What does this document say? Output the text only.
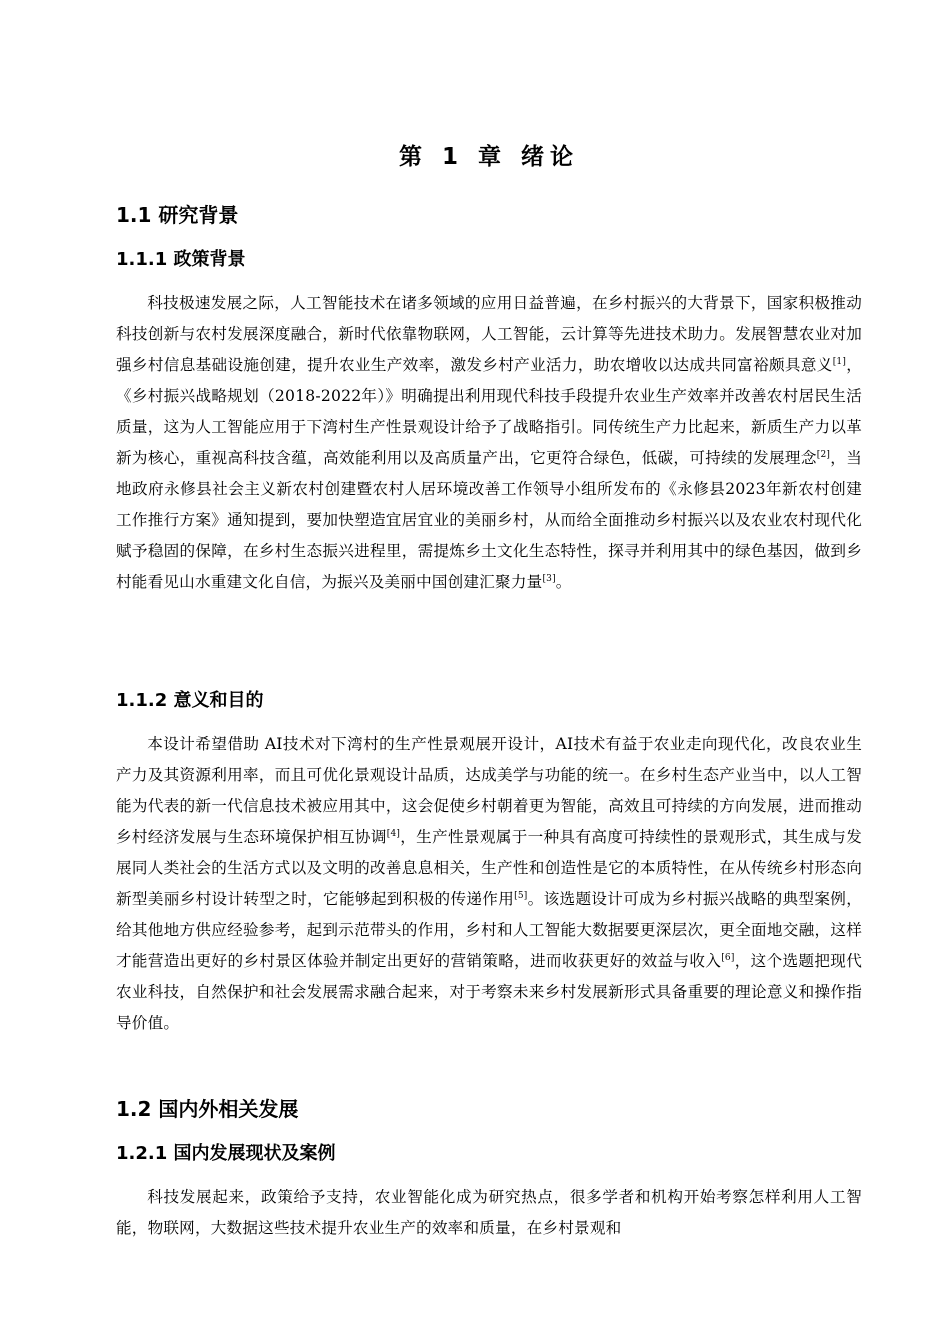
第 1 章 绪论
1.1 研究背景
1.1.1 政策背景

科技极速发展之际，人工智能技术在诸多领域的应用日益普遍，在乡村振兴的大背景下，国家积极推动科技创新与农村发展深度融合，新时代依靠物联网，人工智能，云计算等先进技术助力。发展智慧农业对加强乡村信息基础设施创建，提升农业生产效率，激发乡村产业活力，助农增收以达成共同富裕颇具意义[1]，《乡村振兴战略规划（2018-2022年）》明确提出利用现代科技手段提升农业生产效率并改善农村居民生活质量，这为人工智能应用于下湾村生产性景观设计给予了战略指引。同传统生产力比起来，新质生产力以革新为核心，重视高科技含蕴，高效能利用以及高质量产出，它更符合绿色，低碳，可持续的发展理念[2]，当地政府永修县社会主义新农村创建暨农村人居环境改善工作领导小组所发布的《永修县2023年新农村创建工作推行方案》通知提到，要加快塑造宜居宜业的美丽乡村，从而给全面推动乡村振兴以及农业农村现代化赋予稳固的保障，在乡村生态振兴进程里，需提炼乡土文化生态特性，探寻并利用其中的绿色基因，做到乡村能看见山水重建文化自信，为振兴及美丽中国创建汇聚力量[3]。

1.1.2 意义和目的

本设计希望借助 AI技术对下湾村的生产性景观展开设计，AI技术有益于农业走向现代化，改良农业生产力及其资源利用率，而且可优化景观设计品质，达成美学与功能的统一。在乡村生态产业当中，以人工智能为代表的新一代信息技术被应用其中，这会促使乡村朝着更为智能，高效且可持续的方向发展，进而推动乡村经济发展与生态环境保护相互协调[4]，生产性景观属于一种具有高度可持续性的景观形式，其生成与发展同人类社会的生活方式以及文明的改善息息相关，生产性和创造性是它的本质特性，在从传统乡村形态向新型美丽乡村设计转型之时，它能够起到积极的传递作用[5]。该选题设计可成为乡村振兴战略的典型案例，给其他地方供应经验参考，起到示范带头的作用，乡村和人工智能大数据要更深层次，更全面地交融，这样才能营造出更好的乡村景区体验并制定出更好的营销策略，进而收获更好的效益与收入[6]，这个选题把现代农业科技，自然保护和社会发展需求融合起来，对于考察未来乡村发展新形式具备重要的理论意义和操作指导价值。

1.2 国内外相关发展
1.2.1 国内发展现状及案例

科技发展起来，政策给予支持，农业智能化成为研究热点，很多学者和机构开始考察怎样利用人工智能，物联网，大数据这些技术提升农业生产的效率和质量，在乡村景观和
